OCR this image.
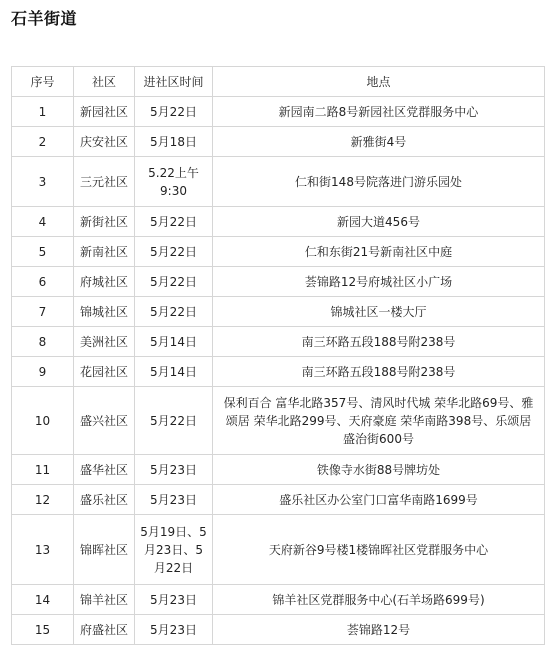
石羊街道
序号	社区	进社区时间	地点
1	新园社区	5月22日	新园南二路8号新园社区党群服务中心
2	庆安社区	5月18日	新雅街4号
3	三元社区	5.22上午9:30	仁和街148号院落进门游乐园处
4	新街社区	5月22日	新园大道456号
5	新南社区	5月22日	仁和东街21号新南社区中庭
6	府城社区	5月22日	荟锦路12号府城社区小广场
7	锦城社区	5月22日	锦城社区一楼大厅
8	美洲社区	5月14日	南三环路五段188号附238号
9	花园社区	5月14日	南三环路五段188号附238号
10	盛兴社区	5月22日	保利百合 富华北路357号、清风时代城 荣华北路69号、雅颂居 荣华北路299号、天府豪庭 荣华南路398号、乐颂居 盛治街600号
11	盛华社区	5月23日	铁像寺水街88号牌坊处
12	盛乐社区	5月23日	盛乐社区办公室门口富华南路1699号
13	锦晖社区	5月19日、5月23日、5月22日	天府新谷9号楼1楼锦晖社区党群服务中心
14	锦羊社区	5月23日	锦羊社区党群服务中心(石羊场路699号)
15	府盛社区	5月23日	荟锦路12号
